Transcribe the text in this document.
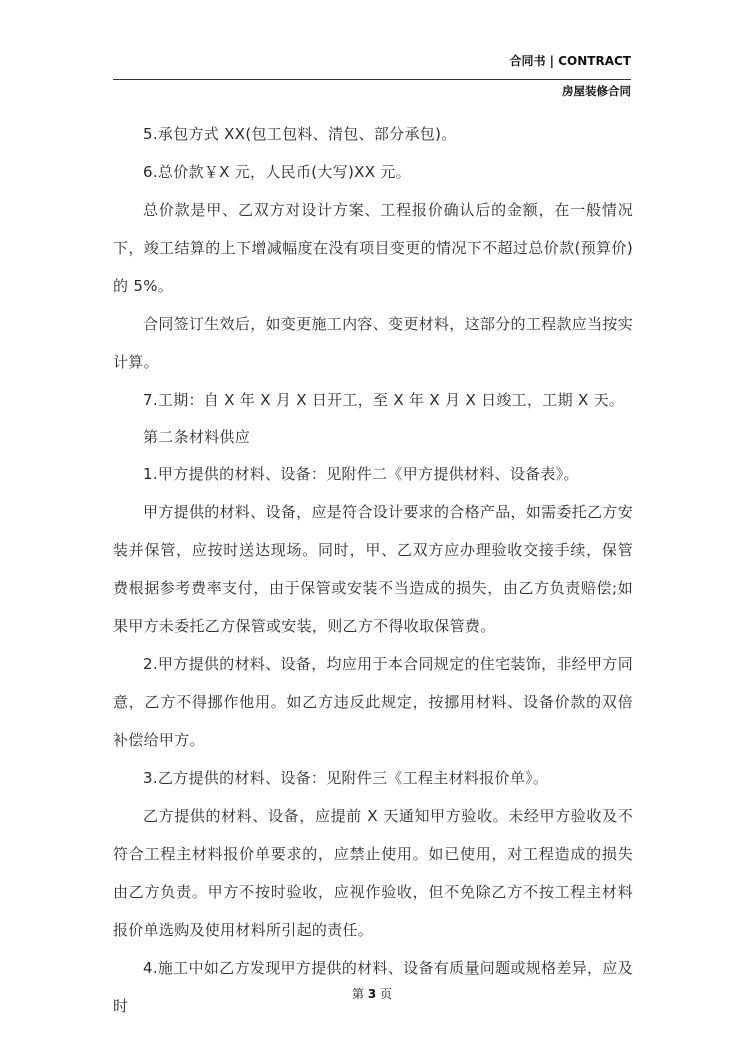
合同书 | CONTRACT
房屋装修合同

5.承包方式 XX(包工包料、清包、部分承包)。

6.总价款￥X 元，人民币(大写)XX 元。

总价款是甲、乙双方对设计方案、工程报价确认后的金额，在一般情况下，竣工结算的上下增减幅度在没有项目变更的情况下不超过总价款(预算价)的 5%。

合同签订生效后，如变更施工内容、变更材料，这部分的工程款应当按实计算。

7.工期：自 X 年 X 月 X 日开工，至 X 年 X 月 X 日竣工，工期 X 天。

第二条材料供应

1.甲方提供的材料、设备：见附件二《甲方提供材料、设备表》。

甲方提供的材料、设备，应是符合设计要求的合格产品，如需委托乙方安装并保管，应按时送达现场。同时，甲、乙双方应办理验收交接手续，保管费根据参考费率支付，由于保管或安装不当造成的损失，由乙方负责赔偿;如果甲方未委托乙方保管或安装，则乙方不得收取保管费。

2.甲方提供的材料、设备，均应用于本合同规定的住宅装饰，非经甲方同意，乙方不得挪作他用。如乙方违反此规定，按挪用材料、设备价款的双倍补偿给甲方。

3.乙方提供的材料、设备：见附件三《工程主材料报价单》。

乙方提供的材料、设备，应提前 X 天通知甲方验收。未经甲方验收及不符合工程主材料报价单要求的，应禁止使用。如已使用，对工程造成的损失由乙方负责。甲方不按时验收，应视作验收，但不免除乙方不按工程主材料报价单选购及使用材料所引起的责任。

4.施工中如乙方发现甲方提供的材料、设备有质量问题或规格差异，应及时

第 3 页
